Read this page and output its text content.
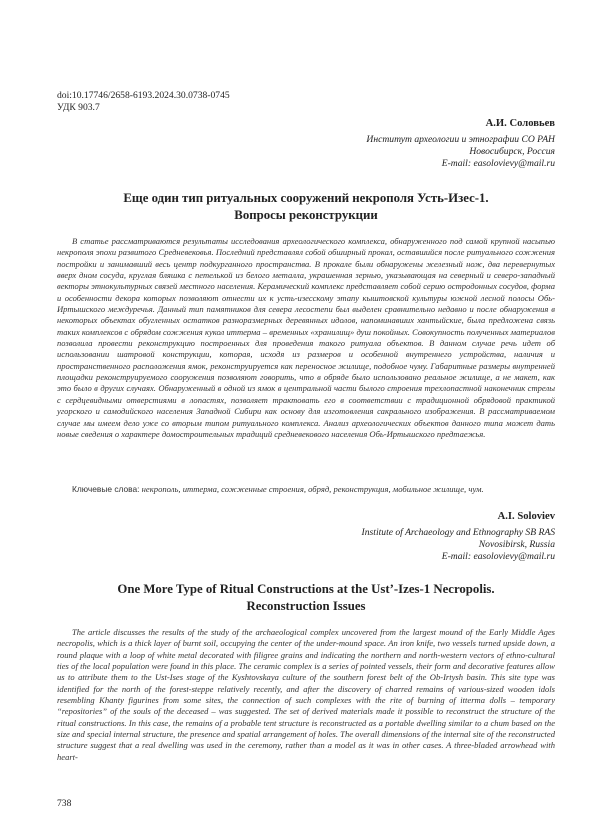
doi:10.17746/2658-6193.2024.30.0738-0745
УДК 903.7
А.И. Соловьев
Институт археологии и этнографии СО РАН
Новосибирск, Россия
E-mail: easolovievy@mail.ru
Еще один тип ритуальных сооружений некрополя Усть-Изес-1.
Вопросы реконструкции

В статье рассматриваются результаты исследования археологического комплекса, обнаруженного под самой крупной насыпью некрополя эпохи развитого Средневековья. Последний представлял собой обширный прокал, оставшийся после ритуального сожжения постройки и занимавший весь центр подкурганного пространства. В прокале были обнаружены железный нож, два перевернутых вверх дном сосуда, круглая бляшка с петелькой из белого металла, украшенная зернью, указывающая на северный и северо-западный векторы этнокультурных связей местного населения. Керамический комплекс представляет собой серию остродонных сосудов, форма и особенности декора которых позволяют отнести их к усть-изесскому этапу кыштовской культуры южной лесной полосы Обь-Иртышского междуречья. Данный тип памятников для севера лесостепи был выделен сравнительно недавно и после обнаружения в некоторых объектах обугленных остатков разноразмерных деревянных идолов, напоминавших хантыйские, была предложена связь таких комплексов с обрядом сожжения кукол иттерма – временных «хранилищ» душ покойных. Совокупность полученных материалов позволила провести реконструкцию построенных для проведения такого ритуала объектов. В данном случае речь идет об использовании шатровой конструкции, которая, исходя из размеров и особенной внутреннего устройства, наличия и пространственного расположения ямок, реконструируется как переносное жилище, подобное чуму. Габаритные размеры внутренней площадки реконструируемого сооружения позволяют говорить, что в обряде было использовано реальное жилище, а не макет, как это было в других случаях. Обнаруженный в одной из ямок в центральной части былого строения трехлопастной наконечник стрелы с сердцевидными отверстиями в лопастях, позволяет трактовать его в соответствии с традиционной обрядовой практикой угорского и самодийского населения Западной Сибири как основу для изготовления сакрального изображения. В рассматриваемом случае мы имеем дело уже со вторым типом ритуального комплекса. Анализ археологических объектов данного типа может дать новые сведения о характере домостроительных традиций средневекового населения Обь-Иртышского предтаежья.

Ключевые слова: некрополь, иттерма, сожженные строения, обряд, реконструкция, мобильное жилище, чум.
A.I. Soloviev
Institute of Archaeology and Ethnography SB RAS
Novosibirsk, Russia
E-mail: easolovievy@mail.ru
One More Type of Ritual Constructions at the Ust’-Izes-1 Necropolis.
Reconstruction Issues

The article discusses the results of the study of the archaeological complex uncovered from the largest mound of the Early Middle Ages necropolis, which is a thick layer of burnt soil, occupying the center of the under-mound space. An iron knife, two vessels turned upside down, a round plaque with a loop of white metal decorated with filigree grains and indicating the northern and north-western vectors of ethno-cultural ties of the local population were found in this place. The ceramic complex is a series of pointed vessels, their form and decorative features allow us to attribute them to the Ust-Ises stage of the Kyshtovskaya culture of the southern forest belt of the Ob-Irtysh basin. This site type was identified for the north of the forest-steppe relatively recently, and after the discovery of charred remains of various-sized wooden idols resembling Khanty figurines from some sites, the connection of such complexes with the rite of burning of itterma dolls – temporary “repositories” of the souls of the deceased – was suggested. The set of derived materials made it possible to reconstruct the structure of the ritual constructions. In this case, the remains of a probable tent structure is reconstructed as a portable dwelling similar to a chum based on the size and special internal structure, the presence and spatial arrangement of holes. The overall dimensions of the internal site of the reconstructed structure suggest that a real dwelling was used in the ceremony, rather than a model as it was in other cases. A three-bladed arrowhead with heart-

738
